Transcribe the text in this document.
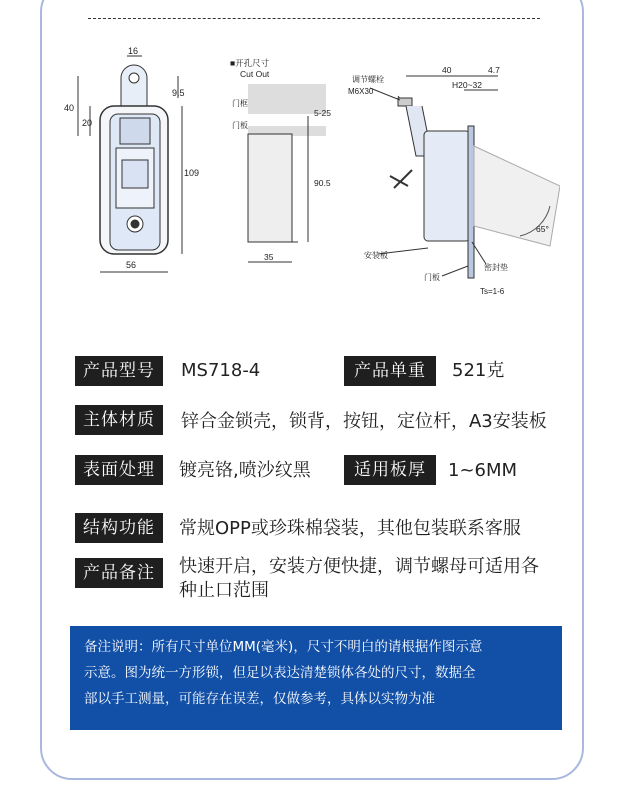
16
40
20
9.5
109
56
■开孔尺寸
Cut Out
门框
门板
5-25
90.5
35
调节螺栓
M6X30
40	4.7
H20~32
65°
安装板
密封垫
门板
Ts=1-6
产品型号	MS718-4	产品单重	521克
主体材质	锌合金锁壳，锁背，按钮，定位杆，A3安装板
表面处理	镀亮铬,喷沙纹黑	适用板厚	1~6MM
结构功能	常规OPP或珍珠棉袋装，其他包装联系客服
产品备注	快速开启，安装方便快捷，调节螺母可适用各
种止口范围
备注说明：所有尺寸单位MM(毫米)，尺寸不明白的请根据作图示意
示意。图为统一方形锁，但足以表达清楚锁体各处的尺寸，数据全
部以手工测量，可能存在误差，仅做参考，具体以实物为准
